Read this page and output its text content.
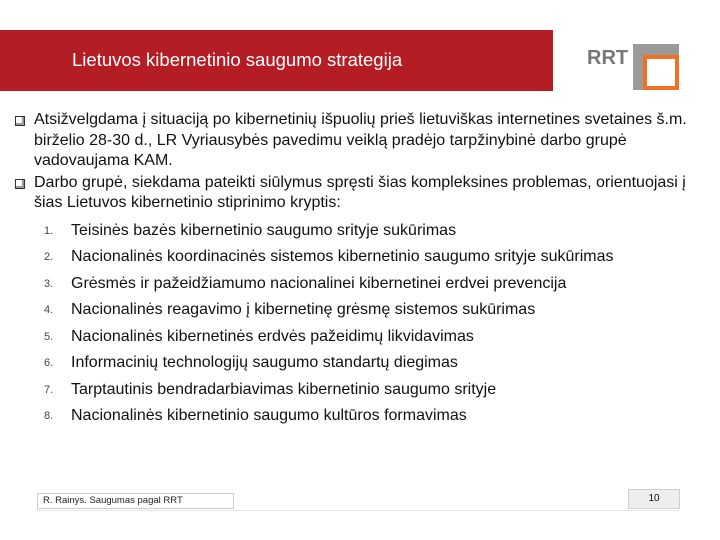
Lietuvos kibernetinio saugumo strategija	RRT
Atsižvelgdama į situaciją po kibernetinių išpuolių prieš lietuviškas internetines svetaines š.m. birželio 28-30 d., LR Vyriausybės pavedimu veiklą pradėjo tarpžinybinė darbo grupė vadovaujama KAM.
Darbo grupė, siekdama pateikti siūlymus spręsti šias kompleksines problemas, orientuojasi į šias Lietuvos kibernetinio stiprinimo kryptis:
1. Teisinės bazės kibernetinio saugumo srityje sukūrimas
2. Nacionalinės koordinacinės sistemos kibernetinio saugumo srityje sukūrimas
3. Grėsmės ir pažeidžiamumo nacionalinei kibernetinei erdvei prevencija
4. Nacionalinės reagavimo į kibernetinę grėsmę sistemos sukūrimas
5. Nacionalinės kibernetinės erdvės pažeidimų likvidavimas
6. Informacinių technologijų saugumo standartų diegimas
7. Tarptautinis bendradarbiavimas kibernetinio saugumo srityje
8. Nacionalinės kibernetinio saugumo kultūros formavimas
R. Rainys. Saugumas pagal RRT	10
